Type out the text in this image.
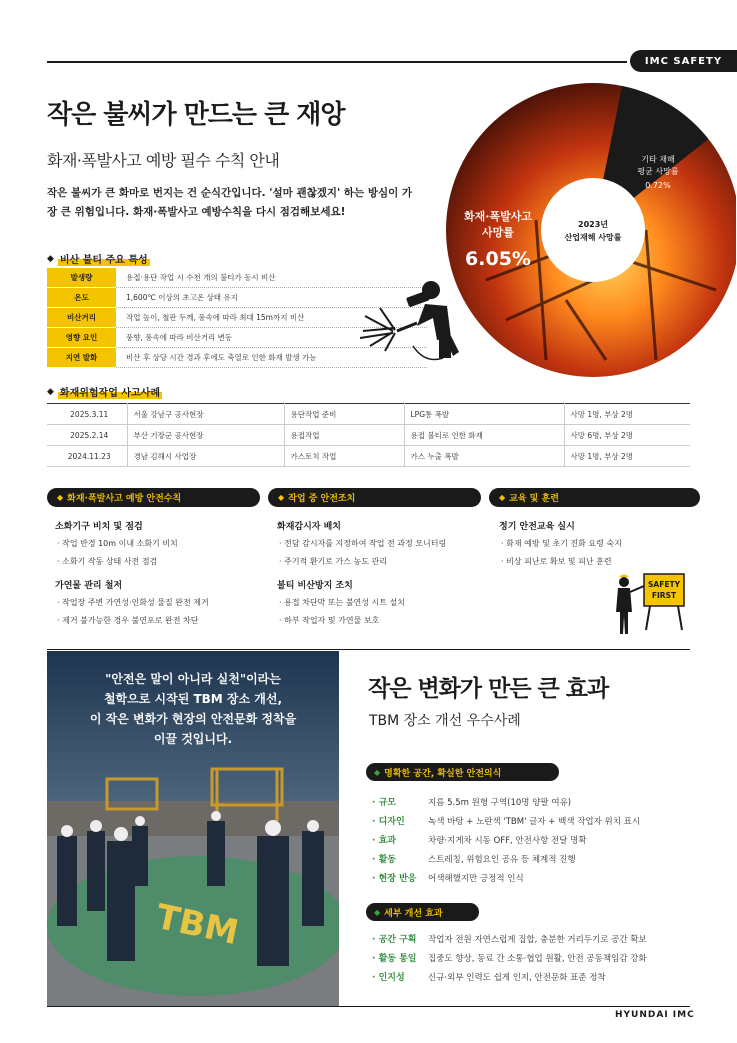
IMC SAFETY
작은 불씨가 만드는 큰 재앙
화재·폭발사고 예방 필수 수칙 안내
작은 불씨가 큰 화마로 번지는 건 순식간입니다. '설마 괜찮겠지' 하는 방심이 가장 큰 위험입니다. 화재·폭발사고 예방수칙을 다시 점검해보세요!
◆ 비산 불티 주요 특성
발생량	용접·용단 작업 시 수천 개의 불티가 동시 비산
온도	1,600℃ 이상의 초고온 상태 유지
비산거리	작업 높이, 철판 두께, 풍속에 따라 최대 15m까지 비산
영향 요인	풍향, 풍속에 따라 비산거리 변동
지연 발화	비산 후 상당 시간 경과 후에도 축열로 인한 화재 발생 가능
2023년
산업재해 사망률
기타 재해
평균 사망률
0.72%
화재·폭발사고
사망률
6.05%
◆ 화재위험작업 사고사례
2025.3.11	서울 강남구 공사현장	용단작업 준비	LPG통 폭발	사망 1명, 부상 2명
2025.2.14	부산 기장군 공사현장	용접작업	용접 불티로 인한 화재	사망 6명, 부상 2명
2024.11.23	경남 김해시 사업장	가스토치 작업	가스 누출 폭발	사망 1명, 부상 2명
◆ 화재·폭발사고 예방 안전수칙	◆ 작업 중 안전조치	◆ 교육 및 훈련
소화기구 비치 및 점검
· 작업 반경 10m 이내 소화기 비치
· 소화기 작동 상태 사전 점검
가연물 관리 철저
· 작업장 주변 가연성·인화성 물질 완전 제거
· 제거 불가능한 경우 불연포로 완전 차단
화재감시자 배치
· 전담 감시자를 지정하여 작업 전 과정 모니터링
· 주기적 환기로 가스 농도 관리
불티 비산방지 조치
· 용접 차단막 또는 불연성 시트 설치
· 하부 작업자 및 가연물 보호
정기 안전교육 실시
· 화재 예방 및 초기 진화 요령 숙지
· 비상 피난로 확보 및 피난 훈련
SAFETY
FIRST
TBM
"안전은 말이 아니라 실천"이라는
철학으로 시작된 TBM 장소 개선,
이 작은 변화가 현장의 안전문화 정착을
이끌 것입니다.
작은 변화가 만든 큰 효과
TBM 장소 개선 우수사례
◆ 명확한 공간, 확실한 안전의식
· 규모	지름 5.5m 원형 구역(10명 양팔 여유)
· 디자인	녹색 바탕 + 노란색 'TBM' 글자 + 백색 작업자 위치 표시
· 효과	차량·지게차 시동 OFF, 안전사항 전달 명확
· 활동	스트레칭, 위험요인 공유 등 체계적 진행
· 현장 반응	어색해했지만 긍정적 인식
◆ 세부 개선 효과
· 공간 구획	작업자 전원 자연스럽게 집합, 충분한 거리두기로 공간 확보
· 활동 통일	집중도 향상, 동료 간 소통·협업 원활, 안전 공동책임감 강화
· 인지성	신규·외부 인력도 쉽게 인지, 안전문화 표준 정착
HYUNDAI IMC
